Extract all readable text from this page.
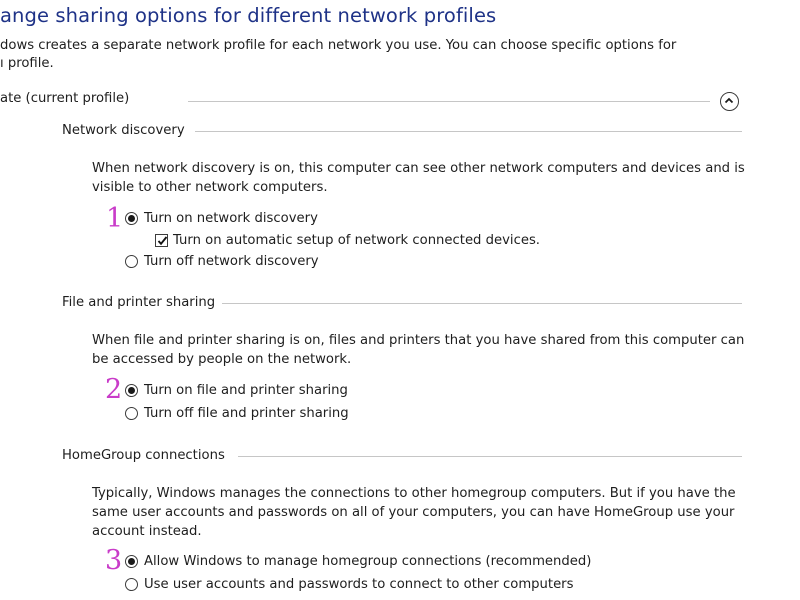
ange sharing options for different network profiles
dows creates a separate network profile for each network you use. You can choose specific options for
ı profile.
ate (current profile)
Network discovery
When network discovery is on, this computer can see other network computers and devices and is
visible to other network computers.
1 Turn on network discovery
Turn on automatic setup of network connected devices.
Turn off network discovery
File and printer sharing
When file and printer sharing is on, files and printers that you have shared from this computer can
be accessed by people on the network.
2 Turn on file and printer sharing
Turn off file and printer sharing
HomeGroup connections
Typically, Windows manages the connections to other homegroup computers. But if you have the
same user accounts and passwords on all of your computers, you can have HomeGroup use your
account instead.
3 Allow Windows to manage homegroup connections (recommended)
Use user accounts and passwords to connect to other computers
